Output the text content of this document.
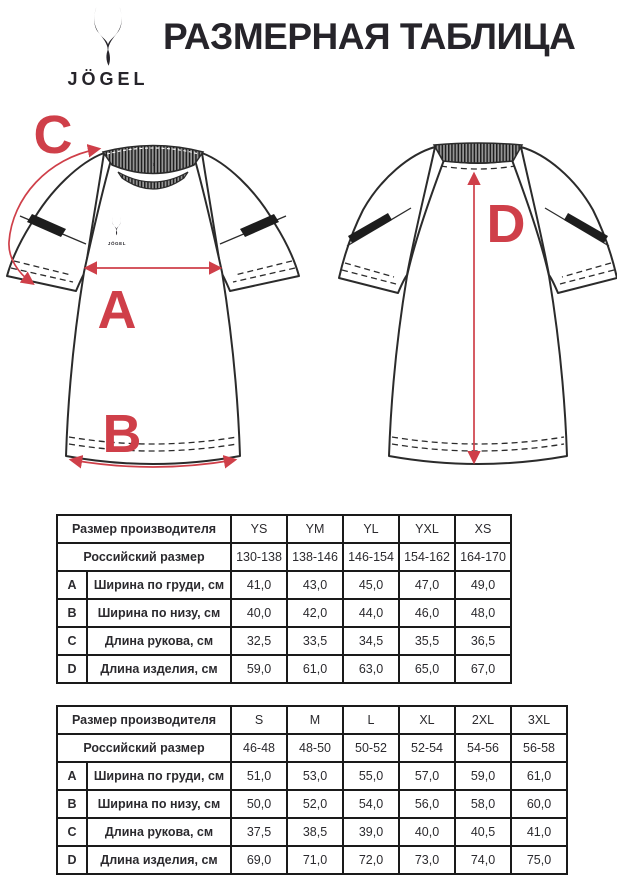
JÖGEL
РАЗМЕРНАЯ ТАБЛИЦА
JÖGEL
A
B
C
D
Размер производителя		YS	YM	YL	YXL	XS
Российский размер		130-138	138-146	146-154	154-162	164-170
A	Ширина по груди, см	41,0	43,0	45,0	47,0	49,0
B	Ширина по низу, см	40,0	42,0	44,0	46,0	48,0
C	Длина рукова, см	32,5	33,5	34,5	35,5	36,5
D	Длина изделия, см	59,0	61,0	63,0	65,0	67,0
Размер производителя		S	M	L	XL	2XL	3XL
Российский размер		46-48	48-50	50-52	52-54	54-56	56-58
A	Ширина по груди, см	51,0	53,0	55,0	57,0	59,0	61,0
B	Ширина по низу, см	50,0	52,0	54,0	56,0	58,0	60,0
C	Длина рукова, см	37,5	38,5	39,0	40,0	40,5	41,0
D	Длина изделия, см	69,0	71,0	72,0	73,0	74,0	75,0
